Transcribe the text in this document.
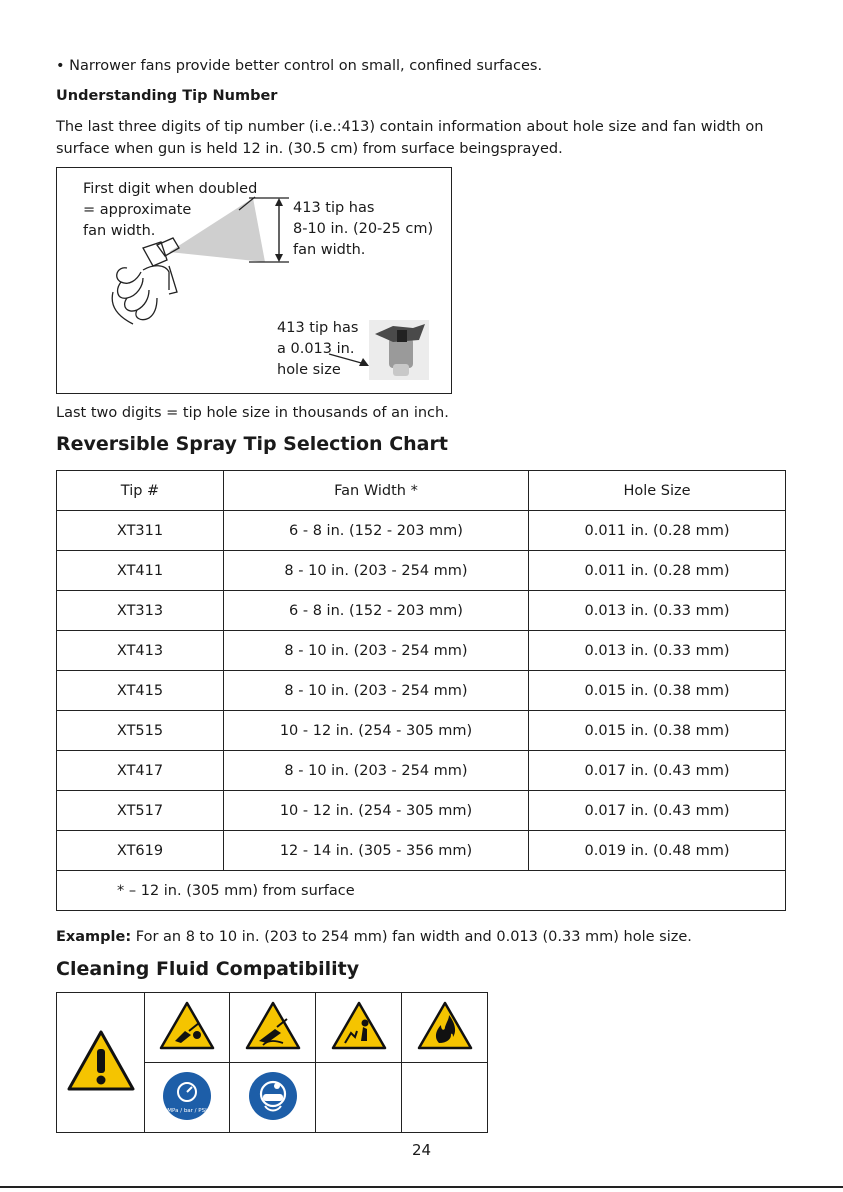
• Narrower fans provide better control on small, confined surfaces.
Understanding Tip Number
The last three digits of tip number (i.e.:413) contain information about hole size and fan width on surface when gun is held 12 in. (30.5 cm) from surface beingsprayed.
First digit when doubled
= approximate
fan width.
413 tip has
8-10 in. (20-25 cm)
fan width.
413 tip has
a 0.013 in.
hole size
Last two digits = tip hole size in thousands of an inch.
Reversible Spray Tip Selection Chart
Tip #	Fan Width *	Hole Size
XT311	6 - 8 in. (152 - 203 mm)	0.011 in. (0.28 mm)
XT411	8 - 10 in. (203 - 254 mm)	0.011 in. (0.28 mm)
XT313	6 - 8 in. (152 - 203 mm)	0.013 in. (0.33 mm)
XT413	8 - 10 in. (203 - 254 mm)	0.013 in. (0.33 mm)
XT415	8 - 10 in. (203 - 254 mm)	0.015 in. (0.38 mm)
XT515	10 - 12 in. (254 - 305 mm)	0.015 in. (0.38 mm)
XT417	8 - 10 in. (203 - 254 mm)	0.017 in. (0.43 mm)
XT517	10 - 12 in. (254 - 305 mm)	0.017 in. (0.43 mm)
XT619	12 - 14 in. (305 - 356 mm)	0.019 in. (0.48 mm)
* – 12 in. (305 mm) from surface		
Example: For an 8 to 10 in. (203 to 254 mm) fan width and 0.013 (0.33 mm) hole size.
Cleaning Fluid Compatibility

MPa / bar / PSI

24
